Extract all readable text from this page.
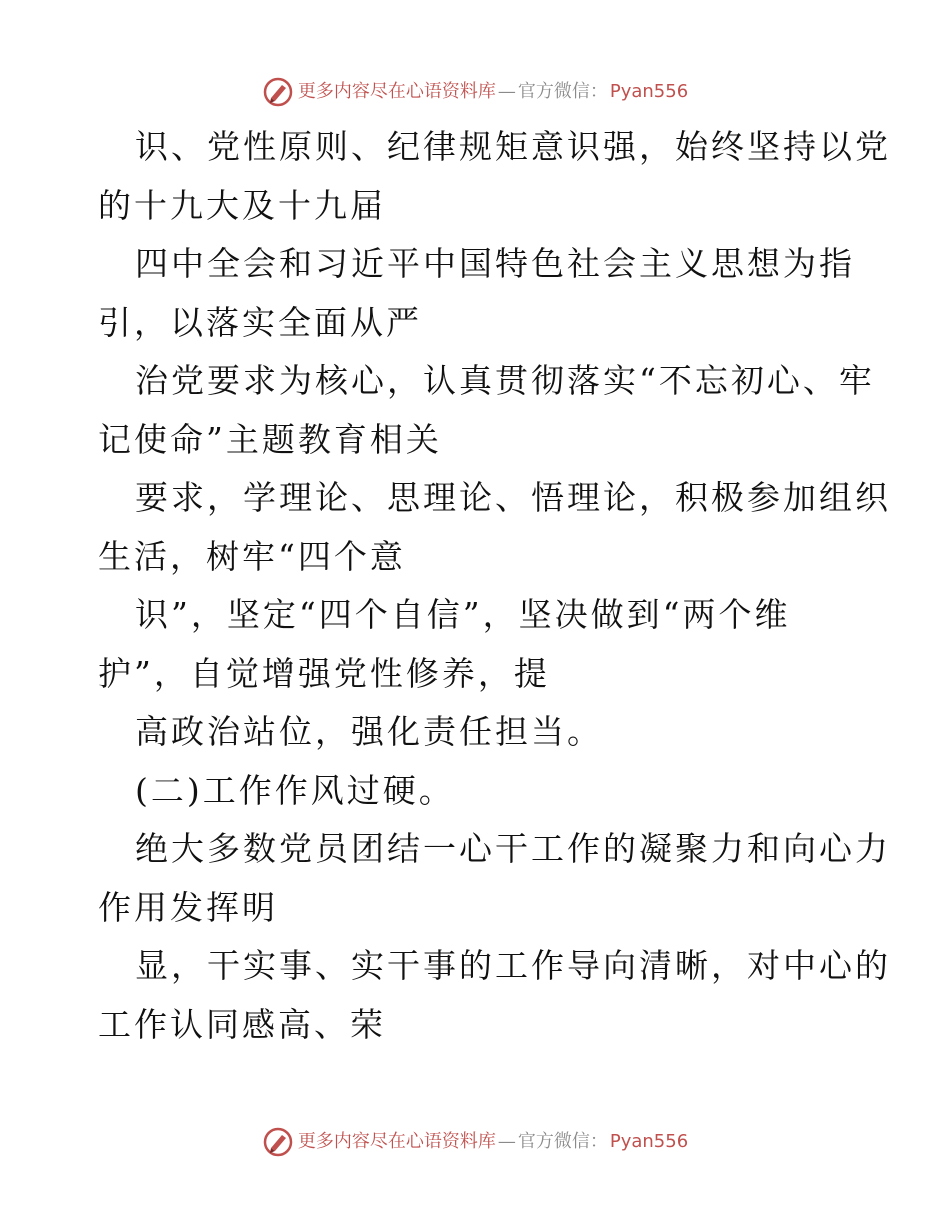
更多内容尽在心语资料库 — 官方微信： Pyan556

识、党性原则、纪律规矩意识强，始终坚持以党
的十九大及十九届

四中全会和习近平中国特色社会主义思想为指
引，以落实全面从严

治党要求为核心，认真贯彻落实“不忘初心、牢
记使命”主题教育相关

要求，学理论、思理论、悟理论，积极参加组织
生活，树牢“四个意

识”，坚定“四个自信”，坚决做到“两个维
护”，自觉增强党性修养，提

高政治站位，强化责任担当。

(二)工作作风过硬。

绝大多数党员团结一心干工作的凝聚力和向心力
作用发挥明

显，干实事、实干事的工作导向清晰，对中心的
工作认同感高、荣

更多内容尽在心语资料库 — 官方微信： Pyan556
